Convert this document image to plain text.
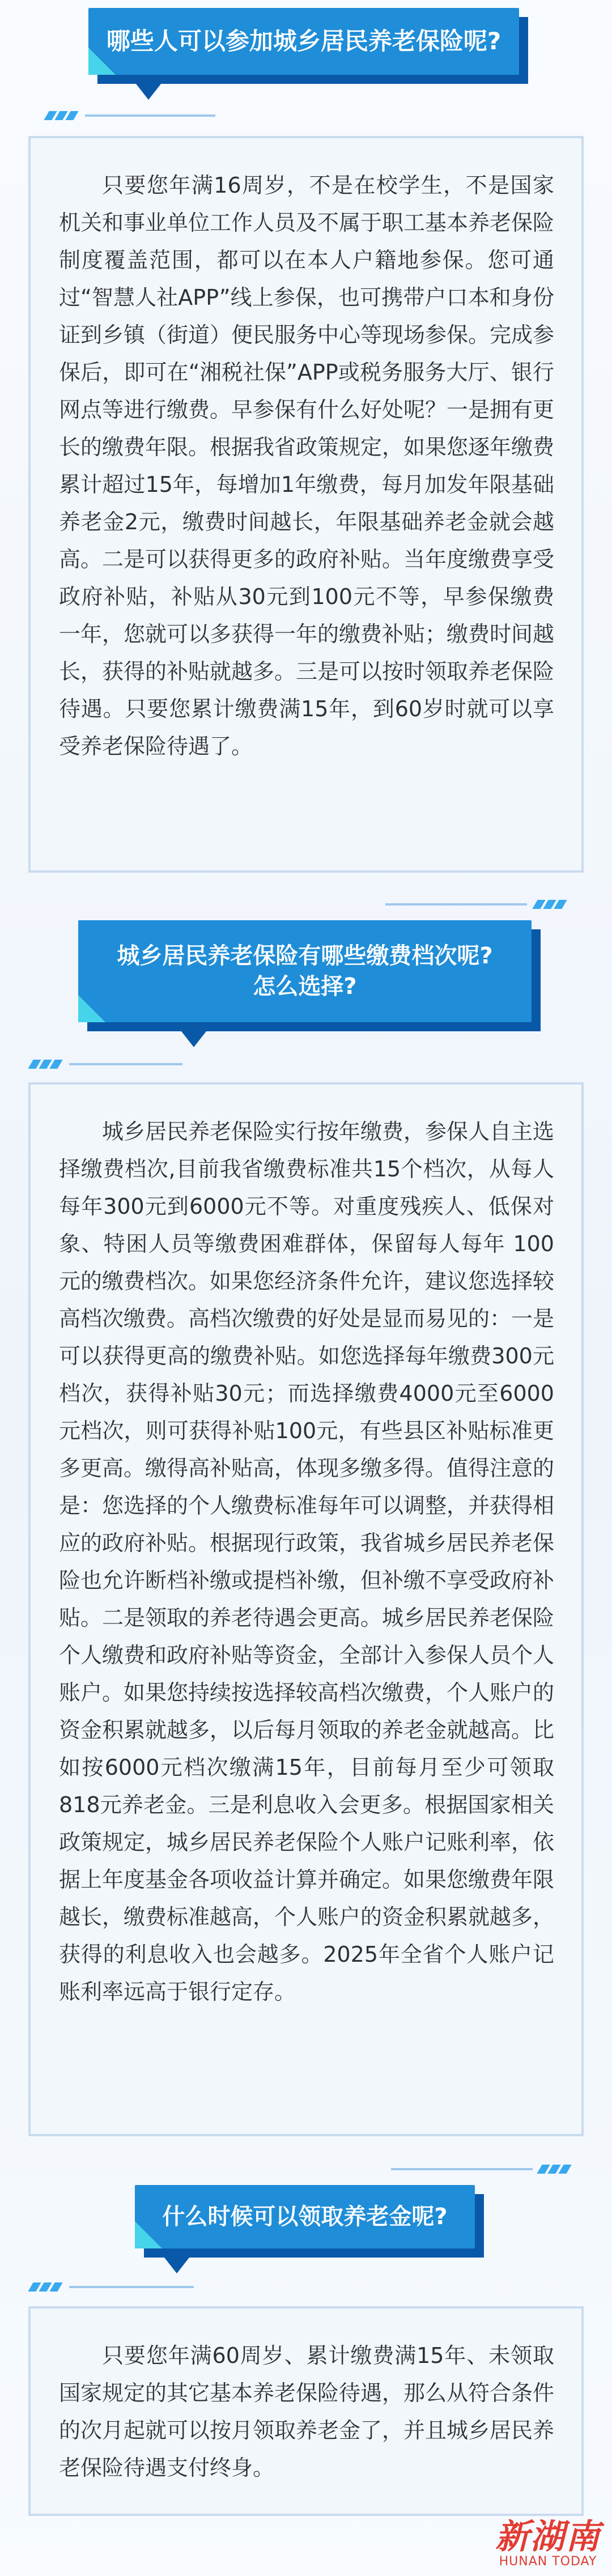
哪些人可以参加城乡居民养老保险呢?
只要您年满16周岁，不是在校学生，不是国家机关和事业单位工作人员及不属于职工基本养老保险制度覆盖范围，都可以在本人户籍地参保。您可通过“智慧人社APP”线上参保，也可携带户口本和身份证到乡镇（街道）便民服务中心等现场参保。完成参保后，即可在“湘税社保”APP或税务服务大厅、银行网点等进行缴费。早参保有什么好处呢？一是拥有更长的缴费年限。根据我省政策规定，如果您逐年缴费累计超过15年，每增加1年缴费，每月加发年限基础养老金2元，缴费时间越长，年限基础养老金就会越高。二是可以获得更多的政府补贴。当年度缴费享受政府补贴，补贴从30元到100元不等，早参保缴费一年，您就可以多获得一年的缴费补贴；缴费时间越长，获得的补贴就越多。三是可以按时领取养老保险待遇。只要您累计缴费满15年，到60岁时就可以享受养老保险待遇了。
城乡居民养老保险有哪些缴费档次呢?
怎么选择?
城乡居民养老保险实行按年缴费，参保人自主选择缴费档次,目前我省缴费标准共15个档次，从每人每年300元到6000元不等。对重度残疾人、低保对象、特困人员等缴费困难群体，保留每人每年 100元的缴费档次。如果您经济条件允许，建议您选择较高档次缴费。高档次缴费的好处是显而易见的：一是可以获得更高的缴费补贴。如您选择每年缴费300元档次，获得补贴30元；而选择缴费4000元至6000元档次，则可获得补贴100元，有些县区补贴标准更多更高。缴得高补贴高，体现多缴多得。值得注意的是：您选择的个人缴费标准每年可以调整，并获得相应的政府补贴。根据现行政策，我省城乡居民养老保险也允许断档补缴或提档补缴，但补缴不享受政府补贴。二是领取的养老待遇会更高。城乡居民养老保险个人缴费和政府补贴等资金，全部计入参保人员个人账户。如果您持续按选择较高档次缴费，个人账户的资金积累就越多，以后每月领取的养老金就越高。比如按6000元档次缴满15年，目前每月至少可领取818元养老金。三是利息收入会更多。根据国家相关政策规定，城乡居民养老保险个人账户记账利率，依据上年度基金各项收益计算并确定。如果您缴费年限越长，缴费标准越高，个人账户的资金积累就越多，获得的利息收入也会越多。2025年全省个人账户记账利率远高于银行定存。
什么时候可以领取养老金呢?
只要您年满60周岁、累计缴费满15年、未领取国家规定的其它基本养老保险待遇，那么从符合条件的次月起就可以按月领取养老金了，并且城乡居民养老保险待遇支付终身。
新湖南
HUNAN TODAY
